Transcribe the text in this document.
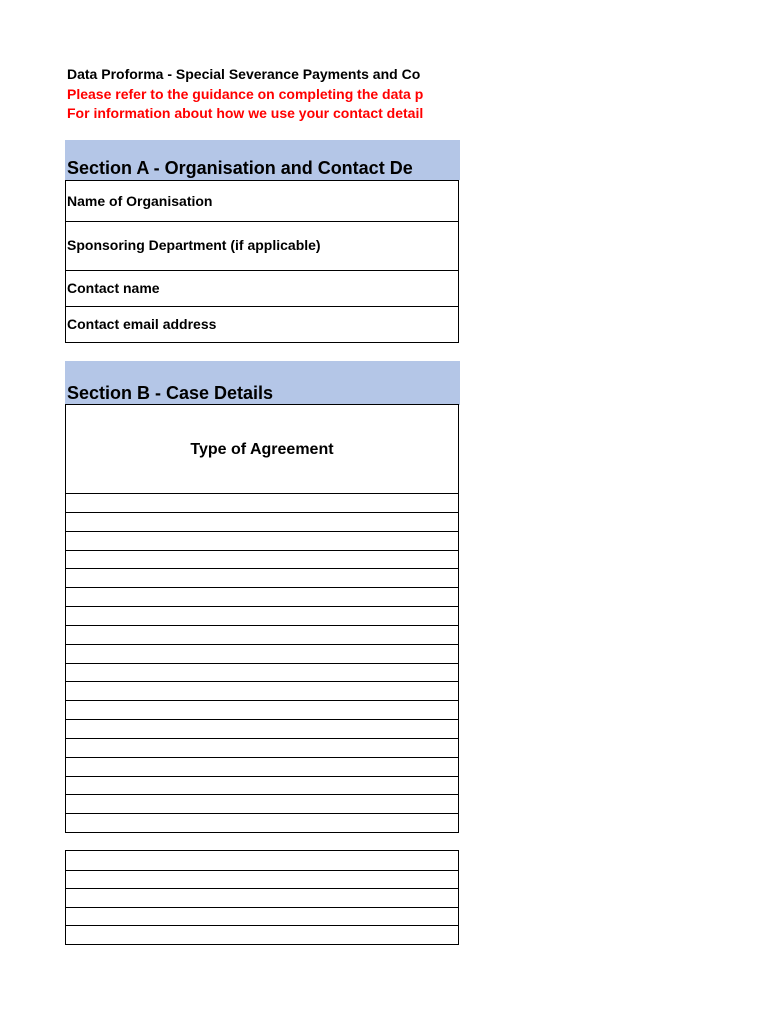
Data Proforma - Special Severance Payments and Co
Please refer to the guidance on completing the data p
For information about how we use your contact detail
Section A - Organisation and Contact De
Name of Organisation
Sponsoring Department (if applicable)
Contact name
Contact email address
Section B - Case Details
Type of Agreement
